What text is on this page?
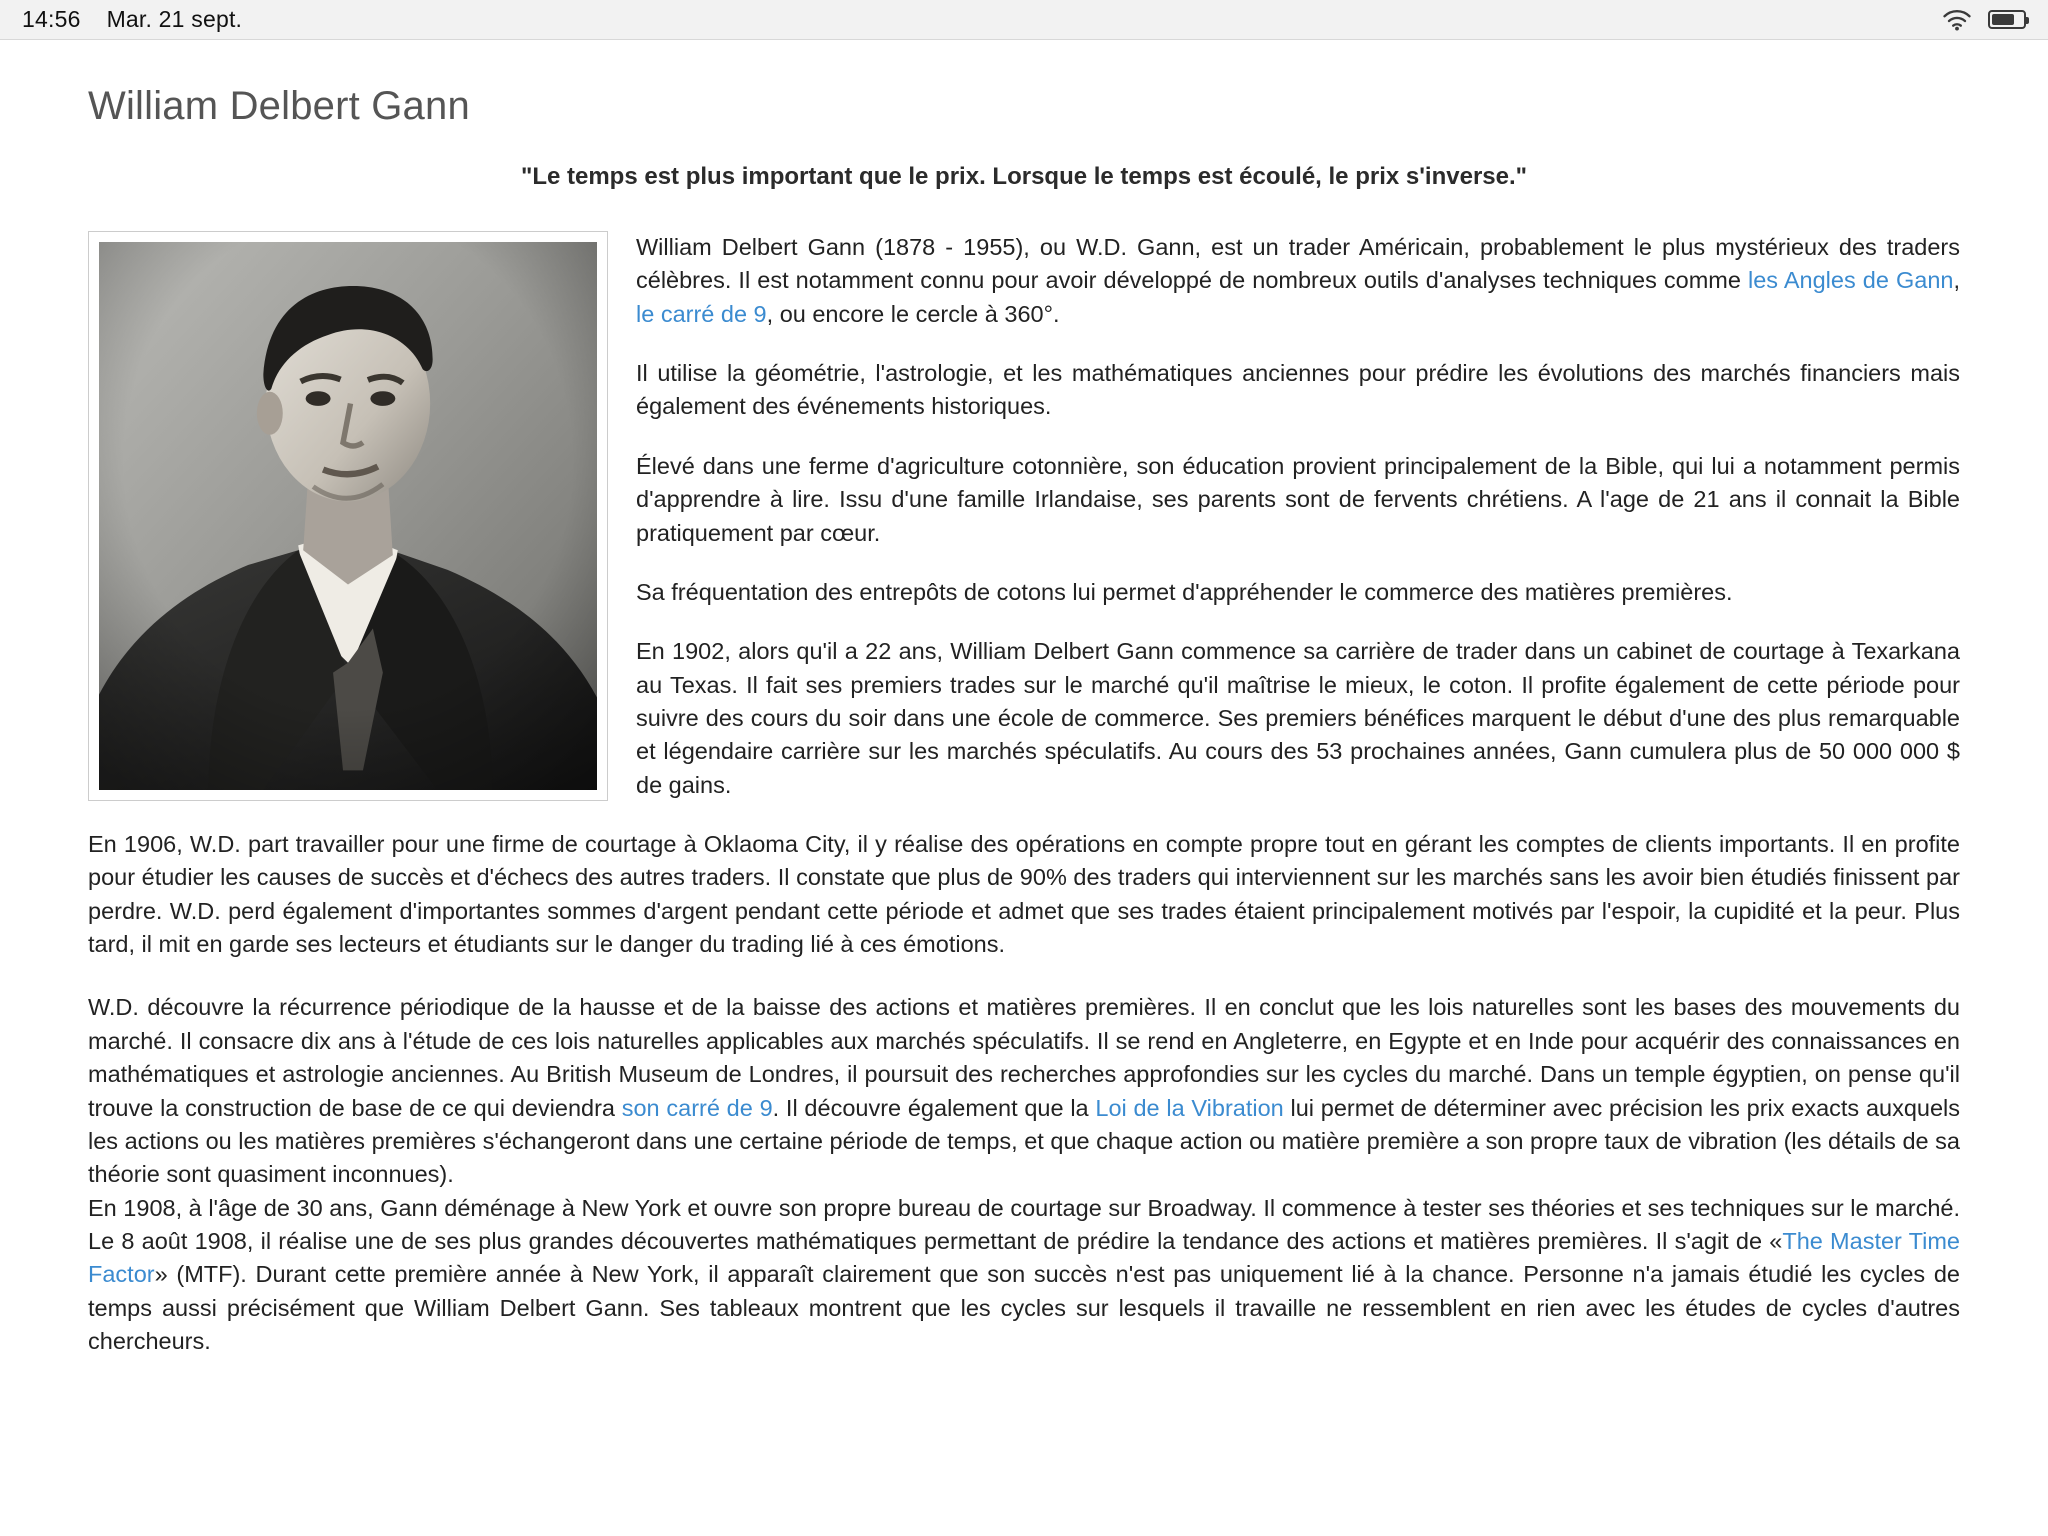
14:56 Mar. 21 sept.
William Delbert Gann
"Le temps est plus important que le prix. Lorsque le temps est écoulé, le prix s'inverse."

William Delbert Gann (1878 - 1955), ou W.D. Gann, est un trader Américain, probablement le plus mystérieux des traders célèbres. Il est notamment connu pour avoir développé de nombreux outils d'analyses techniques comme les Angles de Gann, le carré de 9, ou encore le cercle à 360°.

Il utilise la géométrie, l'astrologie, et les mathématiques anciennes pour prédire les évolutions des marchés financiers mais également des événements historiques.

Élevé dans une ferme d'agriculture cotonnière, son éducation provient principalement de la Bible, qui lui a notamment permis d'apprendre à lire. Issu d'une famille Irlandaise, ses parents sont de fervents chrétiens. A l'age de 21 ans il connait la Bible pratiquement par cœur.

Sa fréquentation des entrepôts de cotons lui permet d'appréhender le commerce des matières premières.

En 1902, alors qu'il a 22 ans, William Delbert Gann commence sa carrière de trader dans un cabinet de courtage à Texarkana au Texas. Il fait ses premiers trades sur le marché qu'il maîtrise le mieux, le coton. Il profite également de cette période pour suivre des cours du soir dans une école de commerce. Ses premiers bénéfices marquent le début d'une des plus remarquable et légendaire carrière sur les marchés spéculatifs. Au cours des 53 prochaines années, Gann cumulera plus de 50 000 000 $ de gains.

En 1906, W.D. part travailler pour une firme de courtage à Oklaoma City, il y réalise des opérations en compte propre tout en gérant les comptes de clients importants. Il en profite pour étudier les causes de succès et d'échecs des autres traders. Il constate que plus de 90% des traders qui interviennent sur les marchés sans les avoir bien étudiés finissent par perdre. W.D. perd également d'importantes sommes d'argent pendant cette période et admet que ses trades étaient principalement motivés par l'espoir, la cupidité et la peur. Plus tard, il mit en garde ses lecteurs et étudiants sur le danger du trading lié à ces émotions.

W.D. découvre la récurrence périodique de la hausse et de la baisse des actions et matières premières. Il en conclut que les lois naturelles sont les bases des mouvements du marché. Il consacre dix ans à l'étude de ces lois naturelles applicables aux marchés spéculatifs. Il se rend en Angleterre, en Egypte et en Inde pour acquérir des connaissances en mathématiques et astrologie anciennes. Au British Museum de Londres, il poursuit des recherches approfondies sur les cycles du marché. Dans un temple égyptien, on pense qu'il trouve la construction de base de ce qui deviendra son carré de 9. Il découvre également que la Loi de la Vibration lui permet de déterminer avec précision les prix exacts auxquels les actions ou les matières premières s'échangeront dans une certaine période de temps, et que chaque action ou matière première a son propre taux de vibration (les détails de sa théorie sont quasiment inconnues).

En 1908, à l'âge de 30 ans, Gann déménage à New York et ouvre son propre bureau de courtage sur Broadway. Il commence à tester ses théories et ses techniques sur le marché. Le 8 août 1908, il réalise une de ses plus grandes découvertes mathématiques permettant de prédire la tendance des actions et matières premières. Il s'agit de «The Master Time Factor» (MTF). Durant cette première année à New York, il apparaît clairement que son succès n'est pas uniquement lié à la chance. Personne n'a jamais étudié les cycles de temps aussi précisément que William Delbert Gann. Ses tableaux montrent que les cycles sur lesquels il travaille ne ressemblent en rien avec les études de cycles d'autres chercheurs.
